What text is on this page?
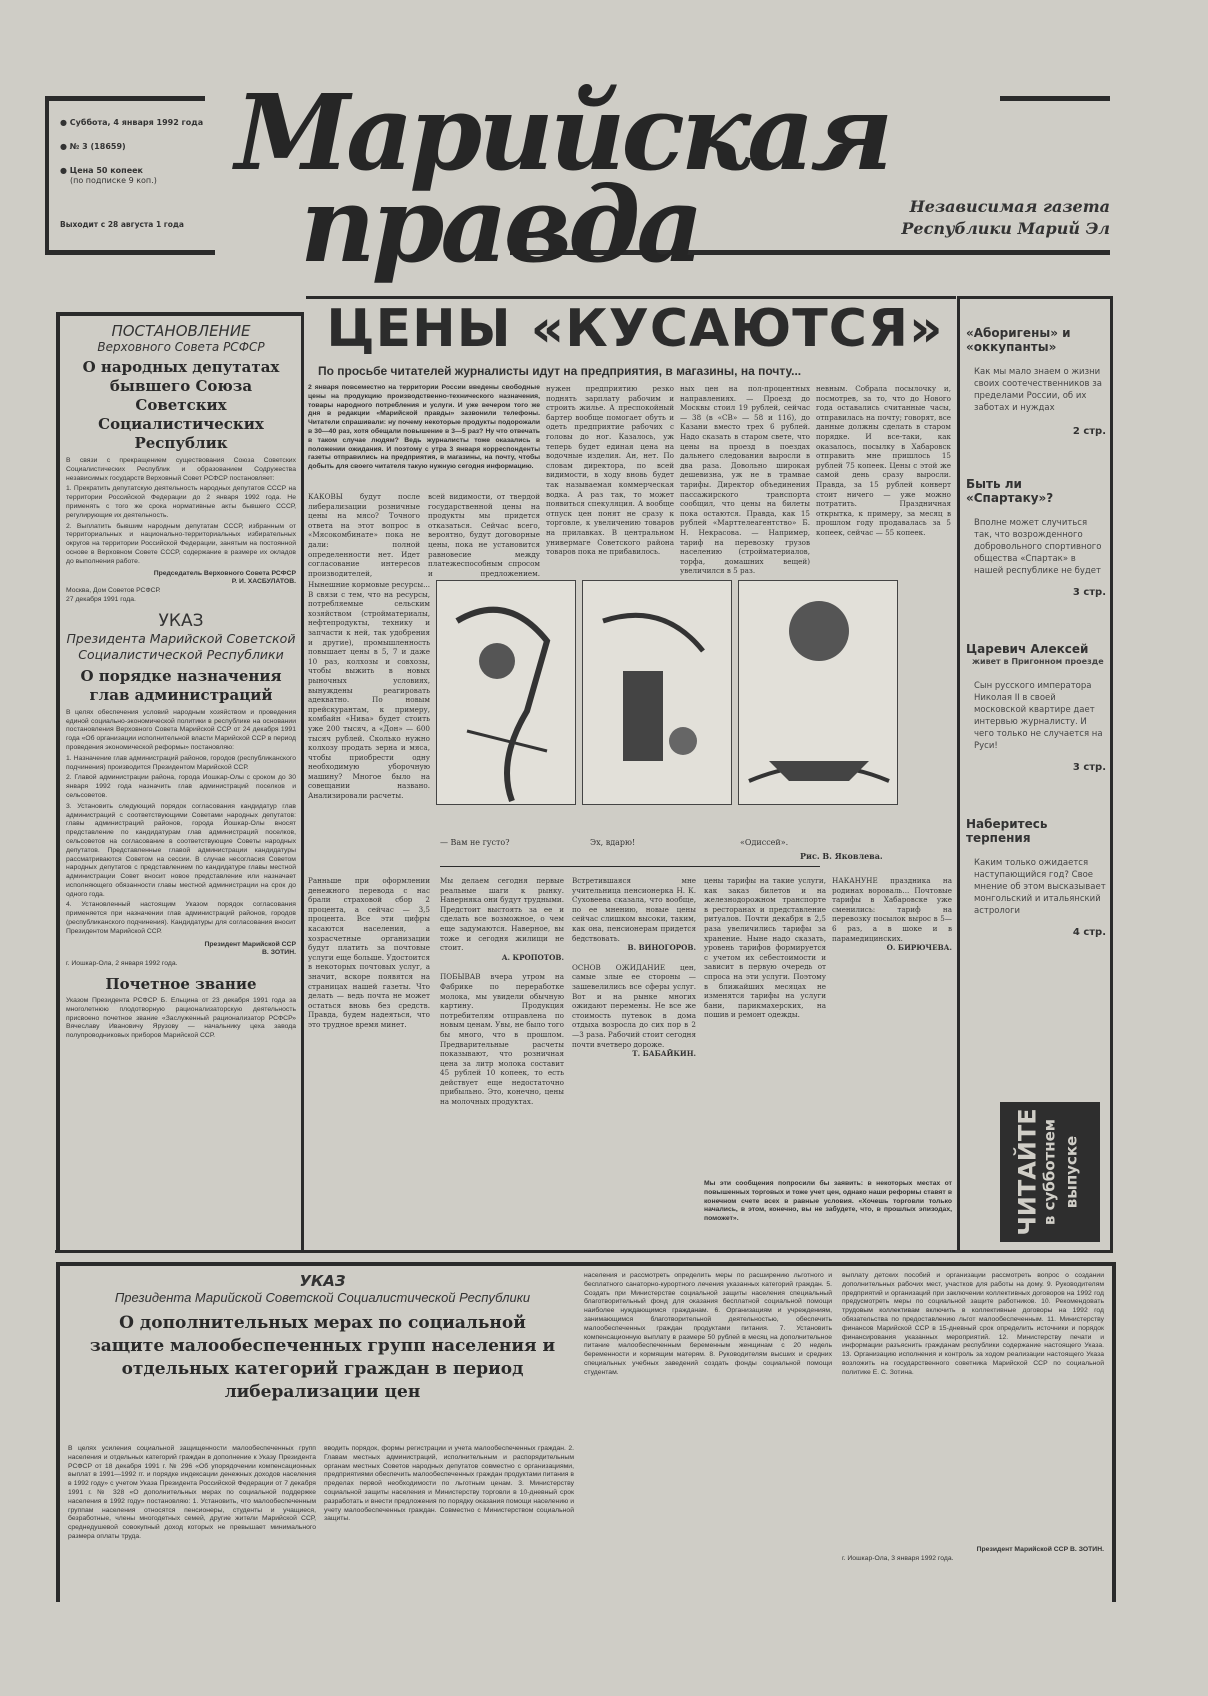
● Суббота, 4 января 1992 года
● № 3 (18659)
● Цена 50 копеек
(по подписке 9 коп.)
Выходит с 28 августа 1 года
Марийская
правда	Независимая газета
Республики Марий Эл
ПОСТАНОВЛЕНИЕ
Верховного Совета РСФСР
О народных депутатах бывшего Союза Советских Социалистических Республик

В связи с прекращением существования Союза Советских Социалистических Республик и образованием Содружества независимых государств Верховный Совет РСФСР постановляет:

1. Прекратить депутатскую деятельность народных депутатов СССР на территории Российской Федерации до 2 января 1992 года. Не применять с того же срока нормативные акты бывшего СССР, регулирующие их деятельность.

2. Выплатить бывшим народным депутатам СССР, избранным от территориальных и национально-территориальных избирательных округов на территории Российской Федерации, занятым на постоянной основе в Верховном Совете СССР, содержание в размере их окладов до выполнения работе.

Председатель Верховного Совета РСФСР
Р. И. ХАСБУЛАТОВ.
Москва, Дом Советов РСФСР.
27 декабря 1991 года.
УКАЗ
Президента Марийской Советской Социалистической Республики
О порядке назначения глав администраций

В целях обеспечения условий народным хозяйством и проведения единой социально-экономической политики в республике на основании постановления Верховного Совета Марийской ССР от 24 декабря 1991 года «Об организации исполнительной власти Марийской ССР в период проведения экономической реформы» постановляю:

1. Назначение глав администраций районов, городов (республиканского подчинения) производится Президентом Марийской ССР.

2. Главой администрации района, города Йошкар-Олы с сроком до 30 января 1992 года назначить глав администраций поселков и сельсоветов.

3. Установить следующий порядок согласования кандидатур глав администраций с соответствующими Советами народных депутатов: главы администраций районов, города Йошкар-Олы вносят представление по кандидатурам глав администраций поселков, сельсоветов на согласование в соответствующие Советы народных депутатов. Представленные главой администрации кандидатуры рассматриваются Советом на сессии. В случае несогласия Советом народных депутатов с представлением по кандидатуре главы местной администрации Совет вносит новое представление или назначает исполняющего обязанности главы местной администрации на срок до одного года.

4. Установленный настоящим Указом порядок согласования применяется при назначении глав администраций районов, городов (республиканского подчинения). Кандидатуры для согласования вносит Президентом Марийской ССР.

Президент Марийской ССР
В. ЗОТИН.
г. Йошкар-Ола, 2 января 1992 года.
Почетное звание

Указом Президента РСФСР Б. Ельцина от 23 декабря 1991 года за многолетнюю плодотворную рационализаторскую деятельность присвоено почетное звание «Заслуженный рационализатор РСФСР» Вячеславу Ивановичу Ярузову — начальнику цеха завода полупроводниковых приборов Марийской ССР.

ЦЕНЫ «КУСАЮТСЯ»
По просьбе читателей журналисты идут на предприятия, в магазины, на почту...

2 января повсеместно на территории России введены свободные цены на продукцию производственно-технического назначения, товары народного потребления и услуги. И уже вечером того же дня в редакции «Марийской правды» зазвонили телефоны. Читатели спрашивали: ну почему некоторые продукты подорожали в 30—40 раз, хотя обещали повышение в 3—5 раз? Ну что отвечать в таком случае людям? Ведь журналисты тоже оказались в положении ожидания. И поэтому с утра 3 января корреспонденты газеты отправились на предприятия, в магазины, на почту, чтобы добыть для своего читателя такую нужную сегодня информацию.

КАКОВЫ будут после либерализации розничные цены на мясо? Точного ответа на этот вопрос в «Мясокомбинате» пока не дали: полной определенности нет. Идет согласование интересов производителей,

всей видимости, от твердой государственной цены на продукты мы придется отказаться. Сейчас всего, вероятно, будут договорные цены, пока не установится равновесие между платежеспособным спросом и предложением.

нужен предприятию резко поднять зарплату рабочим и строить жилье. А преспокойный бартер вообще помогает обуть и одеть предприятие рабочих с головы до ног. Казалось, уж теперь будет единая цена на водочные изделия. Ан, нет. По словам директора, по всей видимости, в ходу вновь будет так называемая коммерческая водка. А раз так, то может появиться спекуляция. А вообще отпуск цен понят не сразу к торговле, к увеличению товаров на прилавках. В центральном универмаге Советского района товаров пока не прибавилось.

ных цен на пол-процентных направлениях. — Проезд до Москвы стоил 19 рублей, сейчас — 38 (в «СВ» — 58 и 116), до Казани вместо трех 6 рублей. Надо сказать в старом свете, что цены на проезд в поездах дальнего следования выросли в два раза. Довольно широкая дешевизна, уж не в трамвае тарифы. Директор объединения пассажирского транспорта сообщил, что цены на билеты пока остаются. Правда, как 15 рублей «Марттелеагентство» Б. Н. Некрасова. — Например, тариф на перевозку грузов населению (стройматериалов, торфа, домашних вещей) увеличился в 5 раз.

невным. Собрала посылочку и, посмотрев, за то, что до Нового года оставались считанные часы, отправилась на почту; говорят, все данные должны сделать в старом порядке. И все-таки, как оказалось, посылку в Хабаровск отправить мне пришлось 15 рублей 75 копеек. Цены с этой же самой день сразу выросли. Правда, за 15 рублей конверт стоит ничего — уже можно потратить. Праздничная открытка, к примеру, за месяц в прошлом году продавалась за 5 копеек, сейчас — 55 копеек.

— Вам не густо?	Эх, вдарю!	«Одиссей».
Рис. В. Яковлева.

Нынешние кормовые ресурсы... В связи с тем, что на ресурсы, потребляемые сельским хозяйством (стройматериалы, нефтепродукты, технику и запчасти к ней, так удобрения и другие), промышленность повышает цены в 5, 7 и даже 10 раз, колхозы и совхозы, чтобы выжить в новых рыночных условиях, вынуждены реагировать адекватно. По новым прейскурантам, к примеру, комбайн «Нива» будет стоить уже 200 тысяч, а «Дон» — 600 тысяч рублей. Сколько нужно колхозу продать зерна и мяса, чтобы приобрести одну необходимую уборочную машину? Многое было на совещании названо. Анализировали расчеты.

Ранньше при оформлении денежного перевода с нас брали страховой сбор 2 процента, а сейчас — 3,5 процента. Все эти цифры касаются населения, а хозрасчетные организации будут платить за почтовые услуги еще больше. Удостоится в некоторых почтовых услуг, а значит, вскоре появятся на страницах нашей газеты. Что делать — ведь почта не может остаться вновь без средств. Правда, будем надеяться, что это трудное время минет.

Мы делаем сегодня первые реальные шаги к рынку. Наверняка они будут трудными. Предстоит выстоять за ее и сделать все возможное, о чем еще задумаются. Наверное, вы тоже и сегодня жилищи не стоит.

А. КРОПОТОВ.

ПОБЫВАВ вчера утром на Фабрике по переработке молока, мы увидели обычную картину. Продукция потребителям отправлена по новым ценам. Увы, не было того бы много, что в прошлом. Предварительные расчеты показывают, что розничная цена за литр молока составит 45 рублей 10 копеек, то есть действует еще недостаточно прибыльно. Это, конечно, цены на молочных продуктах.

Встретившаяся мне учительница пенсионерка Н. К. Суховеева сказала, что вообще, по ее мнению, новые цены сейчас слишком высоки, таким, как она, пенсионерам придется бедствовать.

В. ВИНОГОРОВ.

ОСНОВ ОЖИДАНИЕ цен, самые злые ее стороны — зашевелились все сферы услуг. Вот и на рынке многих ожидают перемены. Не все же стоимость путевок в дома отдыха возросла до сих пор в 2—3 раза. Рабочий стоит сегодня почти вчетверо дороже.

Т. БАБАЙКИН.

цены тарифы на такие услуги, как заказ билетов и на железнодорожном транспорте в ресторанах и представление ритуалов. Почти декабря в 2,5 раза увеличились тарифы за хранение. Ныне надо сказать, уровень тарифов формируется с учетом их себестоимости и зависит в первую очередь от спроса на эти услуги. Поэтому в ближайших месяцах не изменятся тарифы на услуги бани, парикмахерских, на пошив и ремонт одежды.

НАКАНУНЕ праздника на родинах вороваль... Почтовые тарифы в Хабаровске уже сменились: тариф на перевозку посылок вырос в 5—6 раз, а в шоке и в парамедицинских.

О. БИРЮЧЕВА.

Мы эти сообщения попросили бы заявить: в некоторых местах от повышенных торговых и тоже учет цен, однако наши реформы ставят в конечном счете всех в равные условия. «Хочешь торговли только начались, в этом, конечно, вы не забудете, что, в прошлых эпизодах, поможет».

«Аборигены» и «оккупанты»

Как мы мало знаем о жизни своих соотечественников за пределами России, об их заботах и нуждах

2 стр.
Быть ли «Спартаку»?

Вполне может случиться так, что возрожденного добровольного спортивного общества «Спартак» в нашей республике не будет

3 стр.
Царевич Алексей
живет в Пригонном проезде

Сын русского императора Николая II в своей московской квартире дает интервью журналисту. И чего только не случается на Руси!

3 стр.
Наберитесь терпения

Каким только ожидается наступающийся год? Свое мнение об этом высказывает монгольский и итальянский астрологи

4 стр.
ЧИТАЙТЕ в субботнем выпуске
УКАЗ
Президента Марийской Советской Социалистической Республики
О дополнительных мерах по социальной защите малообеспеченных групп населения и отдельных категорий граждан в период либерализации цен

В целях усиления социальной защищенности малообеспеченных групп населения и отдельных категорий граждан в дополнение к Указу Президента РСФСР от 18 декабря 1991 г. № 296 «Об упорядочении компенсационных выплат в 1991—1992 гг. и порядке индексации денежных доходов населения в 1992 году» с учетом Указа Президента Российской Федерации от 7 декабря 1991 г. № 328 «О дополнительных мерах по социальной поддержке населения в 1992 году» постановляю: 1. Установить, что малообеспеченным группам населения относятся пенсионеры, студенты и учащиеся, безработные, члены многодетных семей, другие жители Марийской ССР, среднедушевой совокупный доход которых не превышает минимального размера оплаты труда.

вводить порядок, формы регистрации и учета малообеспеченных граждан. 2. Главам местных администраций, исполнительным и распорядительным органам местных Советов народных депутатов совместно с организациями, предприятиями обеспечить малообеспеченных граждан продуктами питания в пределах первой необходимости по льготным ценам. 3. Министерству социальной защиты населения и Министерству торговли в 10-дневный срок разработать и внести предложения по порядку оказания помощи населению и учету малообеспеченных граждан. Совместно с Министерством социальной защиты.

населения и рассмотреть определить меры по расширению льготного и бесплатного санаторно-курортного лечения указанных категорий граждан. 5. Создать при Министерстве социальной защиты населения специальный благотворительный фонд для оказания бесплатной социальной помощи наиболее нуждающимся гражданам. 6. Организациям и учреждениям, занимающимся благотворительной деятельностью, обеспечить малообеспеченных граждан продуктами питания. 7. Установить компенсационную выплату в размере 50 рублей в месяц на дополнительное питание малообеспеченным беременным женщинам с 20 недель беременности и кормящим матерям. 8. Руководителям высших и средних специальных учебных заведений создать фонды социальной помощи студентам.

выплату детских пособий и организации рассмотреть вопрос о создании дополнительных рабочих мест, участков для работы на дому. 9. Руководителям предприятий и организаций при заключении коллективных договоров на 1992 год предусмотреть меры по социальной защите работников. 10. Рекомендовать трудовым коллективам включить в коллективные договоры на 1992 год обязательства по предоставлению льгот малообеспеченным. 11. Министерству финансов Марийской ССР в 15-дневный срок определить источники и порядок финансирования указанных мероприятий. 12. Министерству печати и информации разъяснить гражданам республики содержание настоящего Указа. 13. Организацию исполнения и контроль за ходом реализации настоящего Указа возложить на государственного советника Марийской ССР по социальной политике Е. С. Зотина.

Президент Марийской ССР В. ЗОТИН.
г. Йошкар-Ола, 3 января 1992 года.
